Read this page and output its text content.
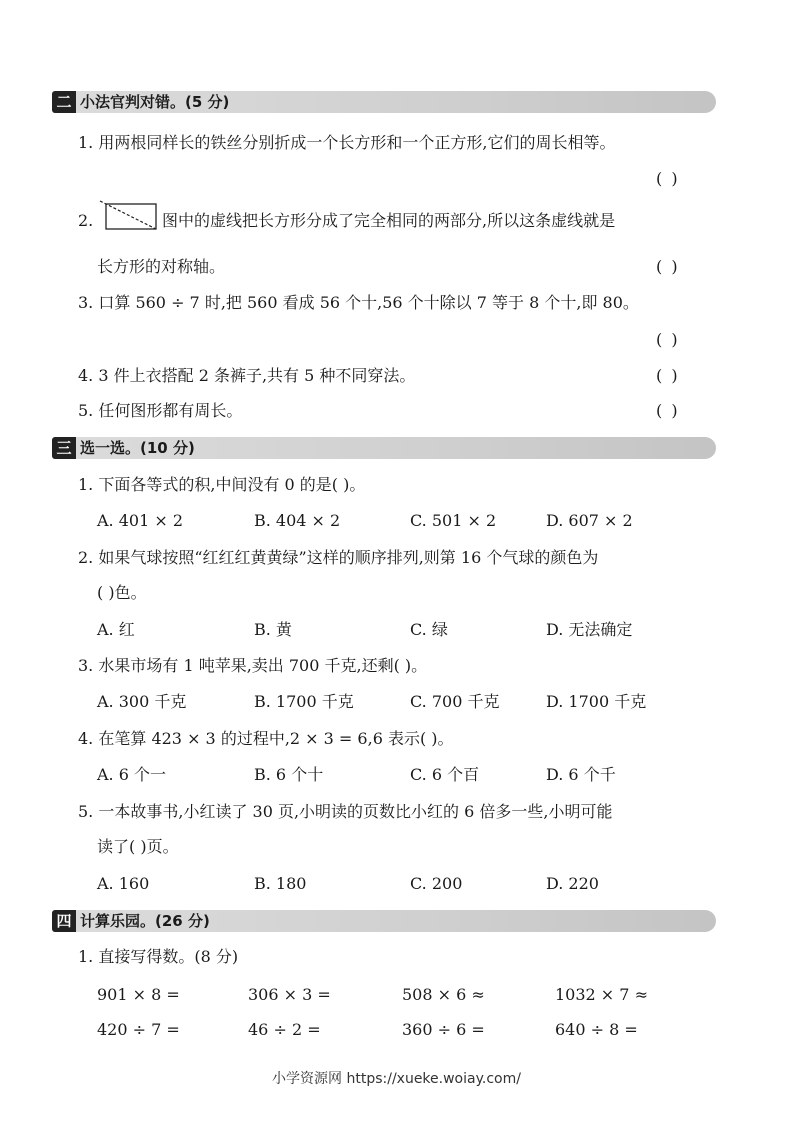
二 小法官判对错。(5 分)
1. 用两根同样长的铁丝分别折成一个长方形和一个正方形,它们的周长相等。
( )
2.	图中的虚线把长方形分成了完全相同的两部分,所以这条虚线就是
长方形的对称轴。	( )
3. 口算 560 ÷ 7 时,把 560 看成 56 个十,56 个十除以 7 等于 8 个十,即 80。
( )
4. 3 件上衣搭配 2 条裤子,共有 5 种不同穿法。	( )
5. 任何图形都有周长。	( )
三 选一选。(10 分)
1. 下面各等式的积,中间没有 0 的是( )。
A. 401 × 2	B. 404 × 2	C. 501 × 2	D. 607 × 2
2. 如果气球按照“红红红黄黄绿”这样的顺序排列,则第 16 个气球的颜色为
( )色。
A. 红	B. 黄	C. 绿	D. 无法确定
3. 水果市场有 1 吨苹果,卖出 700 千克,还剩( )。
A. 300 千克	B. 1700 千克	C. 700 千克	D. 1700 千克
4. 在笔算 423 × 3 的过程中,2 × 3 = 6,6 表示( )。
A. 6 个一	B. 6 个十	C. 6 个百	D. 6 个千
5. 一本故事书,小红读了 30 页,小明读的页数比小红的 6 倍多一些,小明可能
读了( )页。
A. 160	B. 180	C. 200	D. 220
四 计算乐园。(26 分)
1. 直接写得数。(8 分)
901 × 8 =	306 × 3 =	508 × 6 ≈	1032 × 7 ≈
420 ÷ 7 =	46 ÷ 2 =	360 ÷ 6 =	640 ÷ 8 =
小学资源网 https://xueke.woiay.com/
